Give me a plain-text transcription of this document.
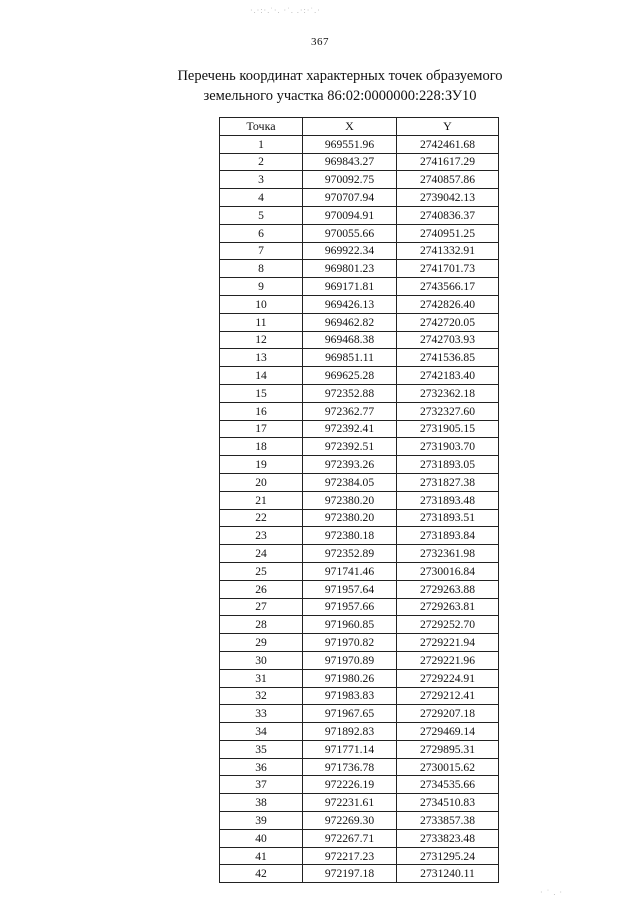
·.·:·.˙·. ·˙. .·:·˙.·
· ˙ . ·
367
Перечень координат характерных точек образуемого
земельного участка 86:02:0000000:228:ЗУ10
Точка	X	Y
1	969551.96	2742461.68
2	969843.27	2741617.29
3	970092.75	2740857.86
4	970707.94	2739042.13
5	970094.91	2740836.37
6	970055.66	2740951.25
7	969922.34	2741332.91
8	969801.23	2741701.73
9	969171.81	2743566.17
10	969426.13	2742826.40
11	969462.82	2742720.05
12	969468.38	2742703.93
13	969851.11	2741536.85
14	969625.28	2742183.40
15	972352.88	2732362.18
16	972362.77	2732327.60
17	972392.41	2731905.15
18	972392.51	2731903.70
19	972393.26	2731893.05
20	972384.05	2731827.38
21	972380.20	2731893.48
22	972380.20	2731893.51
23	972380.18	2731893.84
24	972352.89	2732361.98
25	971741.46	2730016.84
26	971957.64	2729263.88
27	971957.66	2729263.81
28	971960.85	2729252.70
29	971970.82	2729221.94
30	971970.89	2729221.96
31	971980.26	2729224.91
32	971983.83	2729212.41
33	971967.65	2729207.18
34	971892.83	2729469.14
35	971771.14	2729895.31
36	971736.78	2730015.62
37	972226.19	2734535.66
38	972231.61	2734510.83
39	972269.30	2733857.38
40	972267.71	2733823.48
41	972217.23	2731295.24
42	972197.18	2731240.11
